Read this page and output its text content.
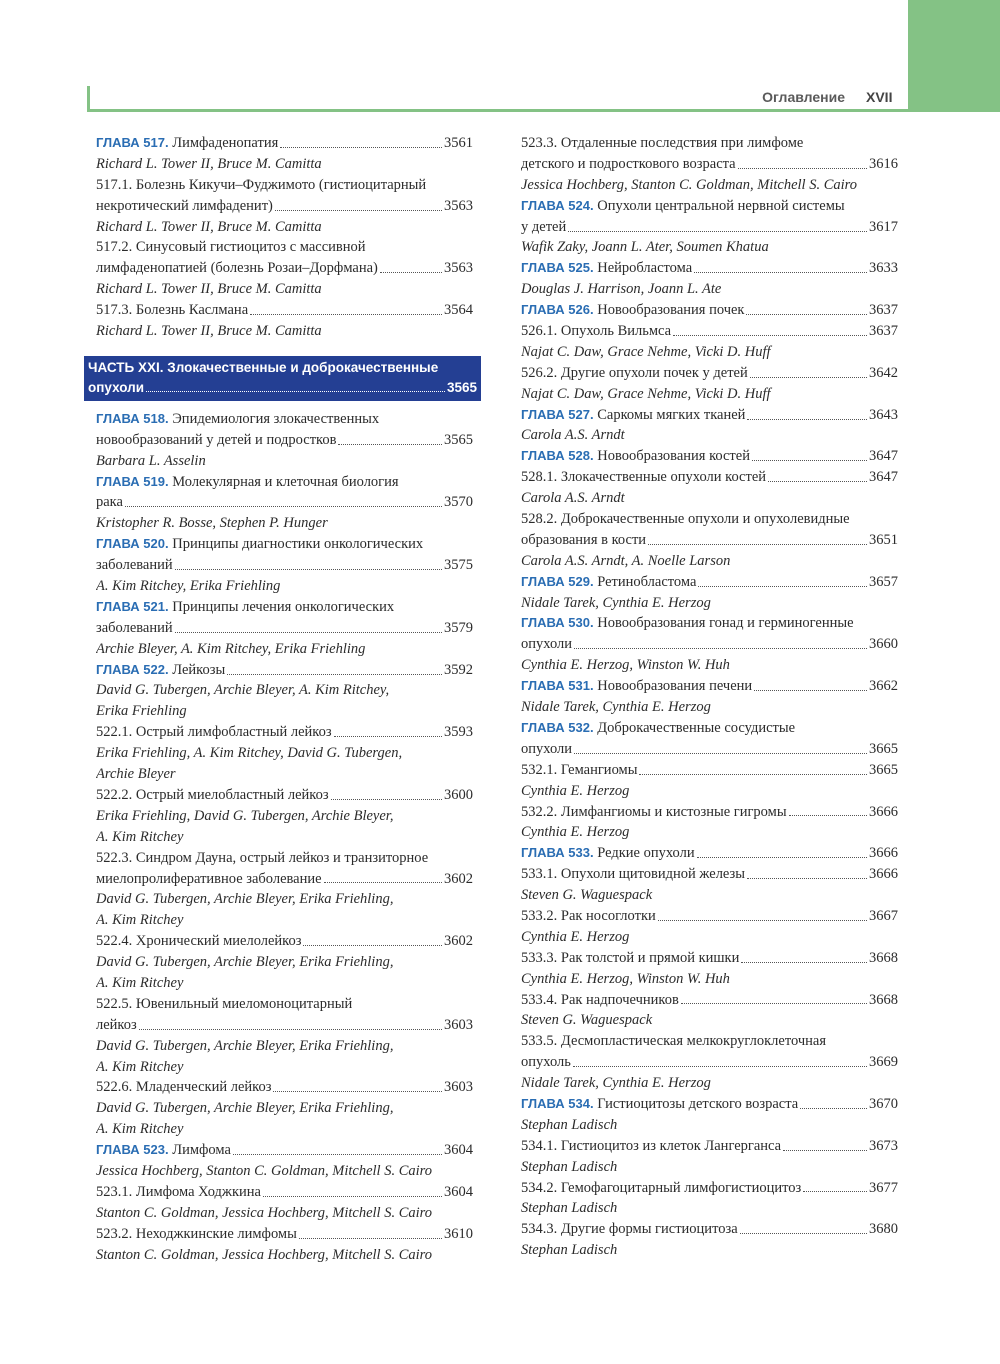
Оглавление XVII
ГЛАВА 517. Лимфаденопатия	3561
Richard L. Tower II, Bruce M. Camitta
517.1. Болезнь Кикучи–Фуджимото (гистиоцитарный
некротический лимфаденит)	3563
Richard L. Tower II, Bruce M. Camitta
517.2. Синусовый гистиоцитоз с массивной
лимфаденопатией (болезнь Розаи–Дорфмана)	3563
Richard L. Tower II, Bruce M. Camitta
517.3. Болезнь Каслмана	3564
Richard L. Tower II, Bruce M. Camitta
ЧАСТЬ XXI. Злокачественные и доброкачественные
опухоли	3565
ГЛАВА 518. Эпидемиология злокачественных
новообразований у детей и подростков	3565
Barbara L. Asselin
ГЛАВА 519. Молекулярная и клеточная биология
рака	3570
Kristopher R. Bosse, Stephen P. Hunger
ГЛАВА 520. Принципы диагностики онкологических
заболеваний	3575
A. Kim Ritchey, Erika Friehling
ГЛАВА 521. Принципы лечения онкологических
заболеваний	3579
Archie Bleyer, A. Kim Ritchey, Erika Friehling
ГЛАВА 522. Лейкозы	3592
David G. Tubergen, Archie Bleyer, A. Kim Ritchey,
Erika Friehling
522.1. Острый лимфобластный лейкоз	3593
Erika Friehling, A. Kim Ritchey, David G. Tubergen,
Archie Bleyer
522.2. Острый миелобластный лейкоз	3600
Erika Friehling, David G. Tubergen, Archie Bleyer,
A. Kim Ritchey
522.3. Синдром Дауна, острый лейкоз и транзиторное
миелопролиферативное заболевание	3602
David G. Tubergen, Archie Bleyer, Erika Friehling,
A. Kim Ritchey
522.4. Хронический миелолейкоз	3602
David G. Tubergen, Archie Bleyer, Erika Friehling,
A. Kim Ritchey
522.5. Ювенильный миеломоноцитарный
лейкоз	3603
David G. Tubergen, Archie Bleyer, Erika Friehling,
A. Kim Ritchey
522.6. Младенческий лейкоз	3603
David G. Tubergen, Archie Bleyer, Erika Friehling,
A. Kim Ritchey
ГЛАВА 523. Лимфома	3604
Jessica Hochberg, Stanton C. Goldman, Mitchell S. Cairo
523.1. Лимфома Ходжкина	3604
Stanton C. Goldman, Jessica Hochberg, Mitchell S. Cairo
523.2. Неходжкинские лимфомы	3610
Stanton C. Goldman, Jessica Hochberg, Mitchell S. Cairo
523.3. Отдаленные последствия при лимфоме
детского и подросткового возраста	3616
Jessica Hochberg, Stanton C. Goldman, Mitchell S. Cairo
ГЛАВА 524. Опухоли центральной нервной системы
у детей	3617
Wafik Zaky, Joann L. Ater, Soumen Khatua
ГЛАВА 525. Нейробластома	3633
Douglas J. Harrison, Joann L. Ate
ГЛАВА 526. Новообразования почек	3637
526.1. Опухоль Вильмса	3637
Najat C. Daw, Grace Nehme, Vicki D. Huff
526.2. Другие опухоли почек у детей	3642
Najat C. Daw, Grace Nehme, Vicki D. Huff
ГЛАВА 527. Саркомы мягких тканей	3643
Carola A.S. Arndt
ГЛАВА 528. Новообразования костей	3647
528.1. Злокачественные опухоли костей	3647
Carola A.S. Arndt
528.2. Доброкачественные опухоли и опухолевидные
образования в кости	3651
Carola A.S. Arndt, A. Noelle Larson
ГЛАВА 529. Ретинобластома	3657
Nidale Tarek, Cynthia E. Herzog
ГЛАВА 530. Новообразования гонад и герминогенные
опухоли	3660
Cynthia E. Herzog, Winston W. Huh
ГЛАВА 531. Новообразования печени	3662
Nidale Tarek, Cynthia E. Herzog
ГЛАВА 532. Доброкачественные сосудистые
опухоли	3665
532.1. Гемангиомы	3665
Cynthia E. Herzog
532.2. Лимфангиомы и кистозные гигромы	3666
Cynthia E. Herzog
ГЛАВА 533. Редкие опухоли	3666
533.1. Опухоли щитовидной железы	3666
Steven G. Waguespack
533.2. Рак носоглотки	3667
Cynthia E. Herzog
533.3. Рак толстой и прямой кишки	3668
Cynthia E. Herzog, Winston W. Huh
533.4. Рак надпочечников	3668
Steven G. Waguespack
533.5. Десмопластическая мелкокруглоклеточная
опухоль	3669
Nidale Tarek, Cynthia E. Herzog
ГЛАВА 534. Гистиоцитозы детского возраста	3670
Stephan Ladisch
534.1. Гистиоцитоз из клеток Лангерганса	3673
Stephan Ladisch
534.2. Гемофагоцитарный лимфогистиоцитоз	3677
Stephan Ladisch
534.3. Другие формы гистиоцитоза	3680
Stephan Ladisch
